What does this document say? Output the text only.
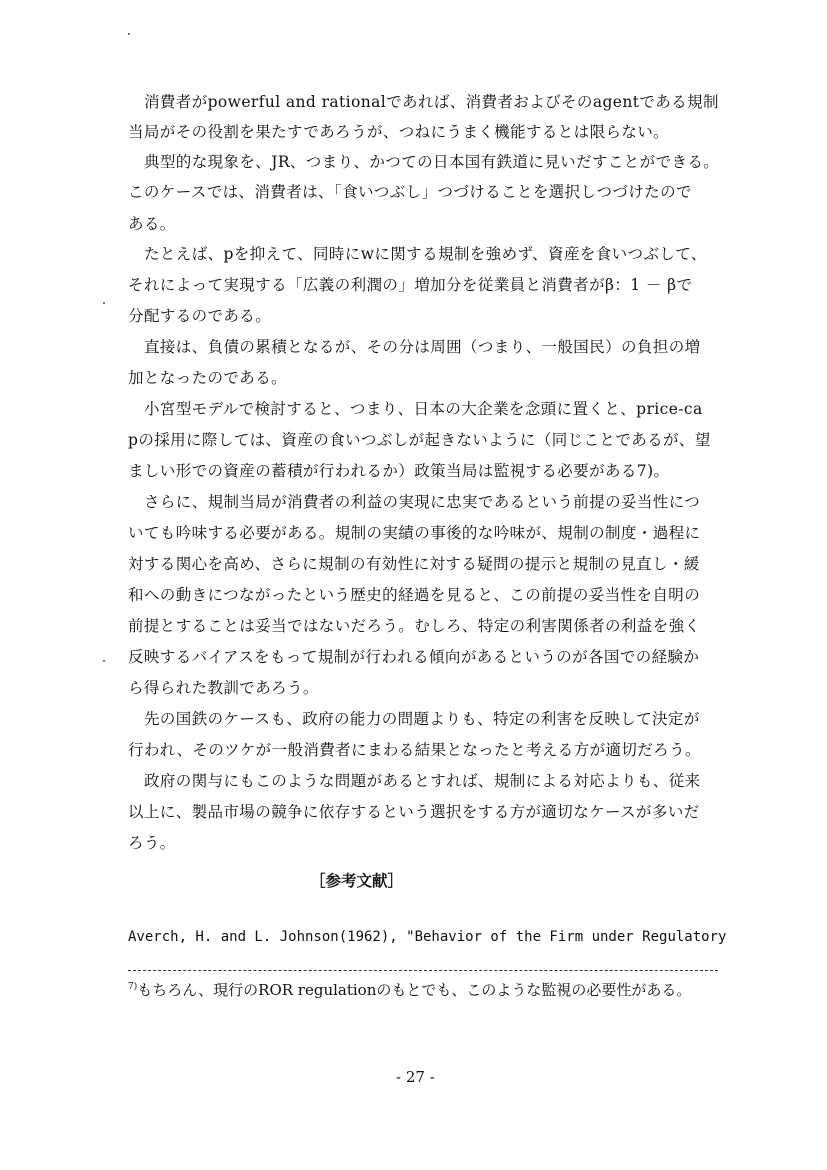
消費者がpowerful and rationalであれば、消費者およびそのagentである規制
当局がその役割を果たすであろうが、つねにうまく機能するとは限らない。
典型的な現象を、JR、つまり、かつての日本国有鉄道に見いだすことができる。
このケースでは、消費者は、「食いつぶし」つづけることを選択しつづけたので
ある。
たとえば、pを抑えて、同時にwに関する規制を強めず、資産を食いつぶして、
それによって実現する「広義の利潤の」増加分を従業員と消費者がβ：1 － βで
分配するのである。
直接は、負債の累積となるが、その分は周囲（つまり、一般国民）の負担の増
加となったのである。
小宮型モデルで検討すると、つまり、日本の大企業を念頭に置くと、price-ca
pの採用に際しては、資産の食いつぶしが起きないように（同じことであるが、望
ましい形での資産の蓄積が行われるか）政策当局は監視する必要がある7)。
さらに、規制当局が消費者の利益の実現に忠実であるという前提の妥当性につ
いても吟味する必要がある。規制の実績の事後的な吟味が、規制の制度・過程に
対する関心を高め、さらに規制の有効性に対する疑問の提示と規制の見直し・緩
和への動きにつながったという歴史的経過を見ると、この前提の妥当性を自明の
前提とすることは妥当ではないだろう。むしろ、特定の利害関係者の利益を強く
反映するバイアスをもって規制が行われる傾向があるというのが各国での経験か
ら得られた教訓であろう。
先の国鉄のケースも、政府の能力の問題よりも、特定の利害を反映して決定が
行われ、そのツケが一般消費者にまわる結果となったと考える方が適切だろう。
政府の関与にもこのような問題があるとすれば、規制による対応よりも、従来
以上に、製品市場の競争に依存するという選択をする方が適切なケースが多いだ
ろう。
［参考文献］
Averch, H. and L. Johnson(1962), "Behavior of the Firm under Regulatory
$^{7)}$もちろん、現行のROR regulationのもとでも、このような監視の必要性がある。
- 27 -
